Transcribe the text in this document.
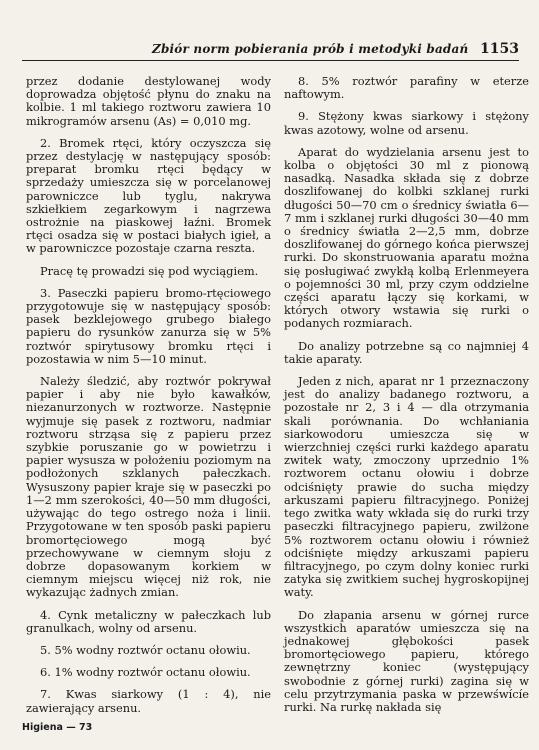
Zbiór norm pobierania prób i metodyki badań 1153

przez dodanie destylowanej wody doprowadza objętość płynu do znaku na kolbie. 1 ml takiego roztworu zawiera 10 mikrogramów arsenu (As) = 0,010 mg.

2. Bromek rtęci, który oczyszcza się przez destylację w następujący sposób: preparat bromku rtęci będący w sprzedaży umieszcza się w porcelanowej parowniczce lub tyglu, nakrywa szkiełkiem zegarkowym i nagrzewa ostrożnie na piaskowej łaźni. Bromek rtęci osadza się w postaci białych igieł, a w parowniczce pozostaje czarna reszta.

Pracę tę prowadzi się pod wyciągiem.

3. Paseczki papieru bromo-rtęciowego przygotowuje się w następujący sposób: pasek bezklejowego grubego białego papieru do rysunków zanurza się w 5% roztwór spirytusowy bromku rtęci i pozostawia w nim 5—10 minut.

Należy śledzić, aby roztwór pokrywał papier i aby nie było kawałków, niezanurzonych w roztworze. Następnie wyjmuje się pasek z roztworu, nadmiar roztworu strząsa się z papieru przez szybkie poruszanie go w powietrzu i papier wysusza w położeniu poziomym na podłożonych szklanych pałeczkach. Wysuszony papier kraje się w paseczki po 1—2 mm szerokości, 40—50 mm długości, używając do tego ostrego noża i linii. Przygotowane w ten sposób paski papieru bromortęciowego mogą być przechowywane w ciemnym słoju z dobrze dopasowanym korkiem w ciemnym miejscu więcej niż rok, nie wykazując żadnych zmian.

4. Cynk metaliczny w pałeczkach lub granulkach, wolny od arsenu.

5. 5% wodny roztwór octanu ołowiu.

6. 1% wodny roztwór octanu ołowiu.

7. Kwas siarkowy (1 : 4), nie zawierający arsenu.

8. 5% roztwór parafiny w eterze naftowym.

9. Stężony kwas siarkowy i stężony kwas azotowy, wolne od arsenu.

Aparat do wydzielania arsenu jest to kolba o objętości 30 ml z pionową nasadką. Nasadka składa się z dobrze doszlifowanej do kolbki szklanej rurki długości 50—70 cm o średnicy światła 6—7 mm i szklanej rurki długości 30—40 mm o średnicy światła 2—2,5 mm, dobrze doszlifowanej do górnego końca pierwszej rurki. Do skonstruowania aparatu można się posługiwać zwykłą kolbą Erlenmeyera o pojemności 30 ml, przy czym oddzielne części aparatu łączy się korkami, w których otwory wstawia się rurki o podanych rozmiarach.

Do analizy potrzebne są co najmniej 4 takie aparaty.

Jeden z nich, aparat nr 1 przeznaczony jest do analizy badanego roztworu, a pozostałe nr 2, 3 i 4 — dla otrzymania skali porównania. Do wchłaniania siarkowodoru umieszcza się w wierzchniej części rurki każdego aparatu zwitek waty, zmoczony uprzednio 1% roztworem octanu ołowiu i dobrze odciśnięty prawie do sucha między arkuszami papieru filtracyjnego. Poniżej tego zwitka waty wkłada się do rurki trzy paseczki filtracyjnego papieru, zwilżone 5% roztworem octanu ołowiu i również odciśnięte między arkuszami papieru filtracyjnego, po czym dolny koniec rurki zatyka się zwitkiem suchej hygroskopijnej waty.

Do złapania arsenu w górnej rurce wszystkich aparatów umieszcza się na jednakowej głębokości pasek bromortęciowego papieru, którego zewnętrzny koniec (występujący swobodnie z górnej rurki) zagina się w celu przytrzymania paska w przewśwícíe rurki. Na rurkę nakłada się

Higiena — 73
